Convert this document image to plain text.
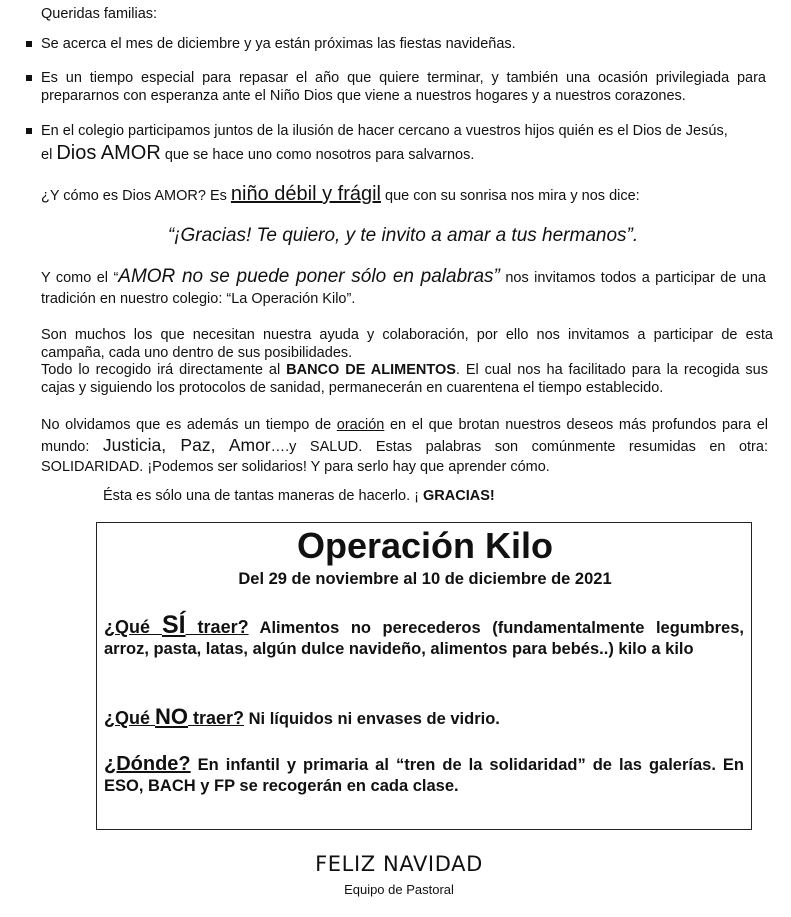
Queridas familias:
Se acerca el mes de diciembre y ya están próximas las fiestas navideñas.
Es un tiempo especial para repasar el año que quiere terminar, y también una ocasión privilegiada para prepararnos con esperanza ante el Niño Dios que viene a nuestros hogares y a nuestros corazones.
En el colegio participamos juntos de la ilusión de hacer cercano a vuestros hijos quién es el Dios de Jesús,
el Dios AMOR que se hace uno como nosotros para salvarnos.
¿Y cómo es Dios AMOR? Es niño débil y frágil que con su sonrisa nos mira y nos dice:
“¡Gracias! Te quiero, y te invito a amar a tus hermanos”.
Y como el “AMOR no se puede poner sólo en palabras” nos invitamos todos a participar de una tradición en nuestro colegio: “La Operación Kilo”.
Son muchos los que necesitan nuestra ayuda y colaboración, por ello nos invitamos a participar de esta campaña, cada uno dentro de sus posibilidades.
Todo lo recogido irá directamente al BANCO DE ALIMENTOS. El cual nos ha facilitado para la recogida sus cajas y siguiendo los protocolos de sanidad, permanecerán en cuarentena el tiempo establecido.
No olvidamos que es además un tiempo de oración en el que brotan nuestros deseos más profundos para el mundo: Justicia, Paz, Amor….y SALUD. Estas palabras son comúnmente resumidas en otra: SOLIDARIDAD. ¡Podemos ser solidarios! Y para serlo hay que aprender cómo.
Ésta es sólo una de tantas maneras de hacerlo. ¡ GRACIAS!
Operación Kilo
Del 29 de noviembre al 10 de diciembre de 2021
¿Qué SÍ traer? Alimentos no perecederos (fundamentalmente legumbres, arroz, pasta, latas, algún dulce navideño, alimentos para bebés..) kilo a kilo
¿Qué NO traer? Ni líquidos ni envases de vidrio.
¿Dónde? En infantil y primaria al “tren de la solidaridad” de las galerías. En ESO, BACH y FP se recogerán en cada clase.
FELIZ NAVIDAD
Equipo de Pastoral
